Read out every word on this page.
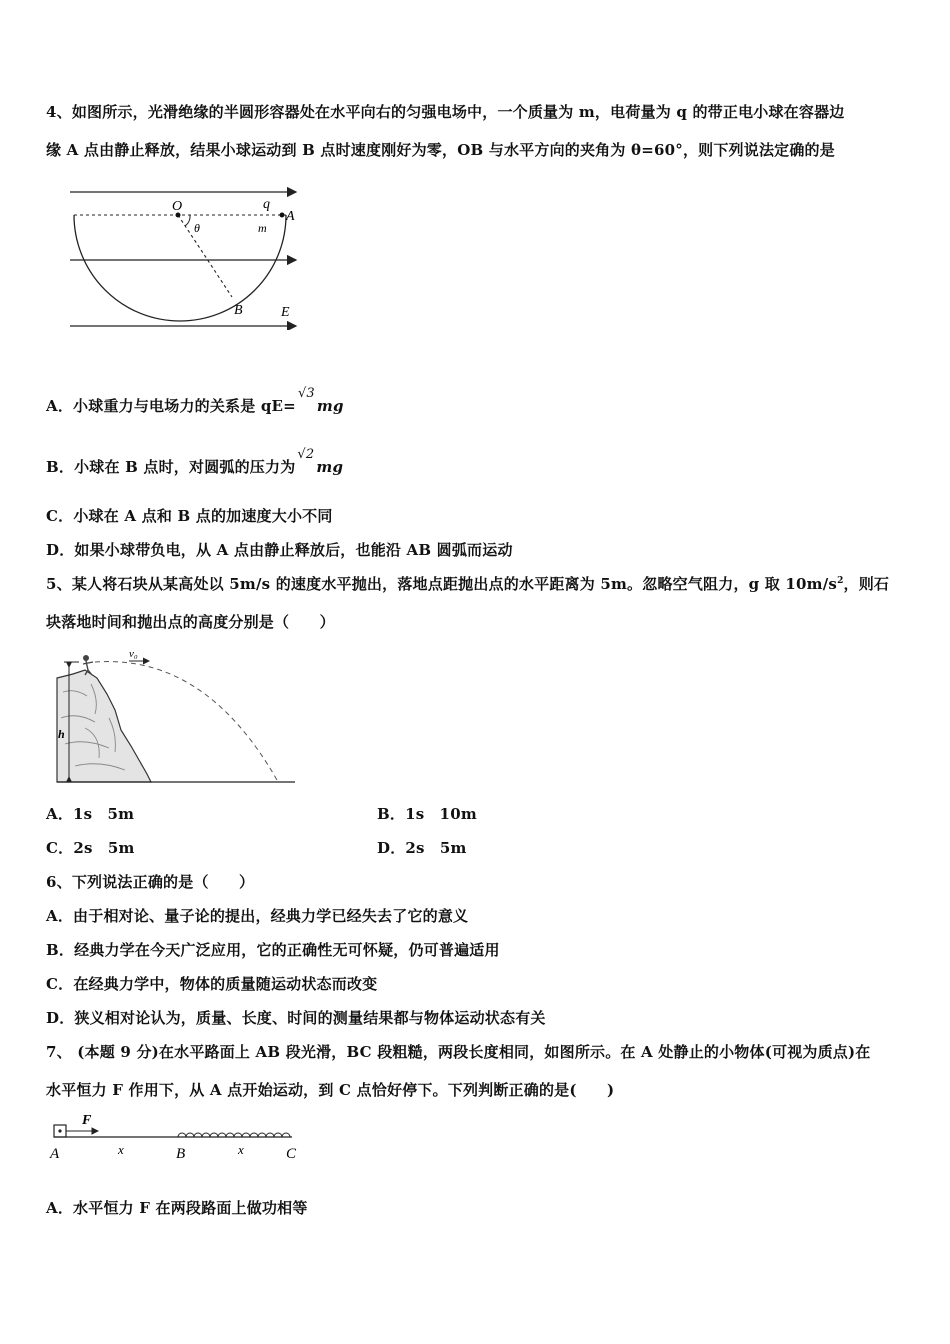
4、如图所示，光滑绝缘的半圆形容器处在水平向右的匀强电场中，一个质量为 m，电荷量为 q 的带正电小球在容器边
缘 A 点由静止释放，结果小球运动到 B 点时速度刚好为零，OB 与水平方向的夹角为 θ=60°，则下列说法定确的是
O	q
A
m
θ
B	E
A．小球重力与电场力的关系是 qE=√3mg
B．小球在 B 点时，对圆弧的压力为√2mg
C．小球在 A 点和 B 点的加速度大小不同
D．如果小球带负电，从 A 点由静止释放后，也能沿 AB 圆弧而运动
5、某人将石块从某高处以 5m/s 的速度水平抛出，落地点距抛出点的水平距离为 5m。忽略空气阻力，g 取 $10m/s^2$，则石
块落地时间和抛出点的高度分别是（　　）
v₀
h
A．1s　5m	B．1s　10m
C．2s　5m	D．2s　5m
6、下列说法正确的是（　　）
A．由于相对论、量子论的提出，经典力学已经失去了它的意义
B．经典力学在今天广泛应用，它的正确性无可怀疑，仍可普遍适用
C．在经典力学中，物体的质量随运动状态而改变
D．狭义相对论认为，质量、长度、时间的测量结果都与物体运动状态有关
7、 (本题 9 分)在水平路面上 AB 段光滑，BC 段粗糙，两段长度相同，如图所示。在 A 处静止的小物体(可视为质点)在
水平恒力 F 作用下，从 A 点开始运动，到 C 点恰好停下。下列判断正确的是(　　)
F
A	x	B	x	C
A．水平恒力 F 在两段路面上做功相等
